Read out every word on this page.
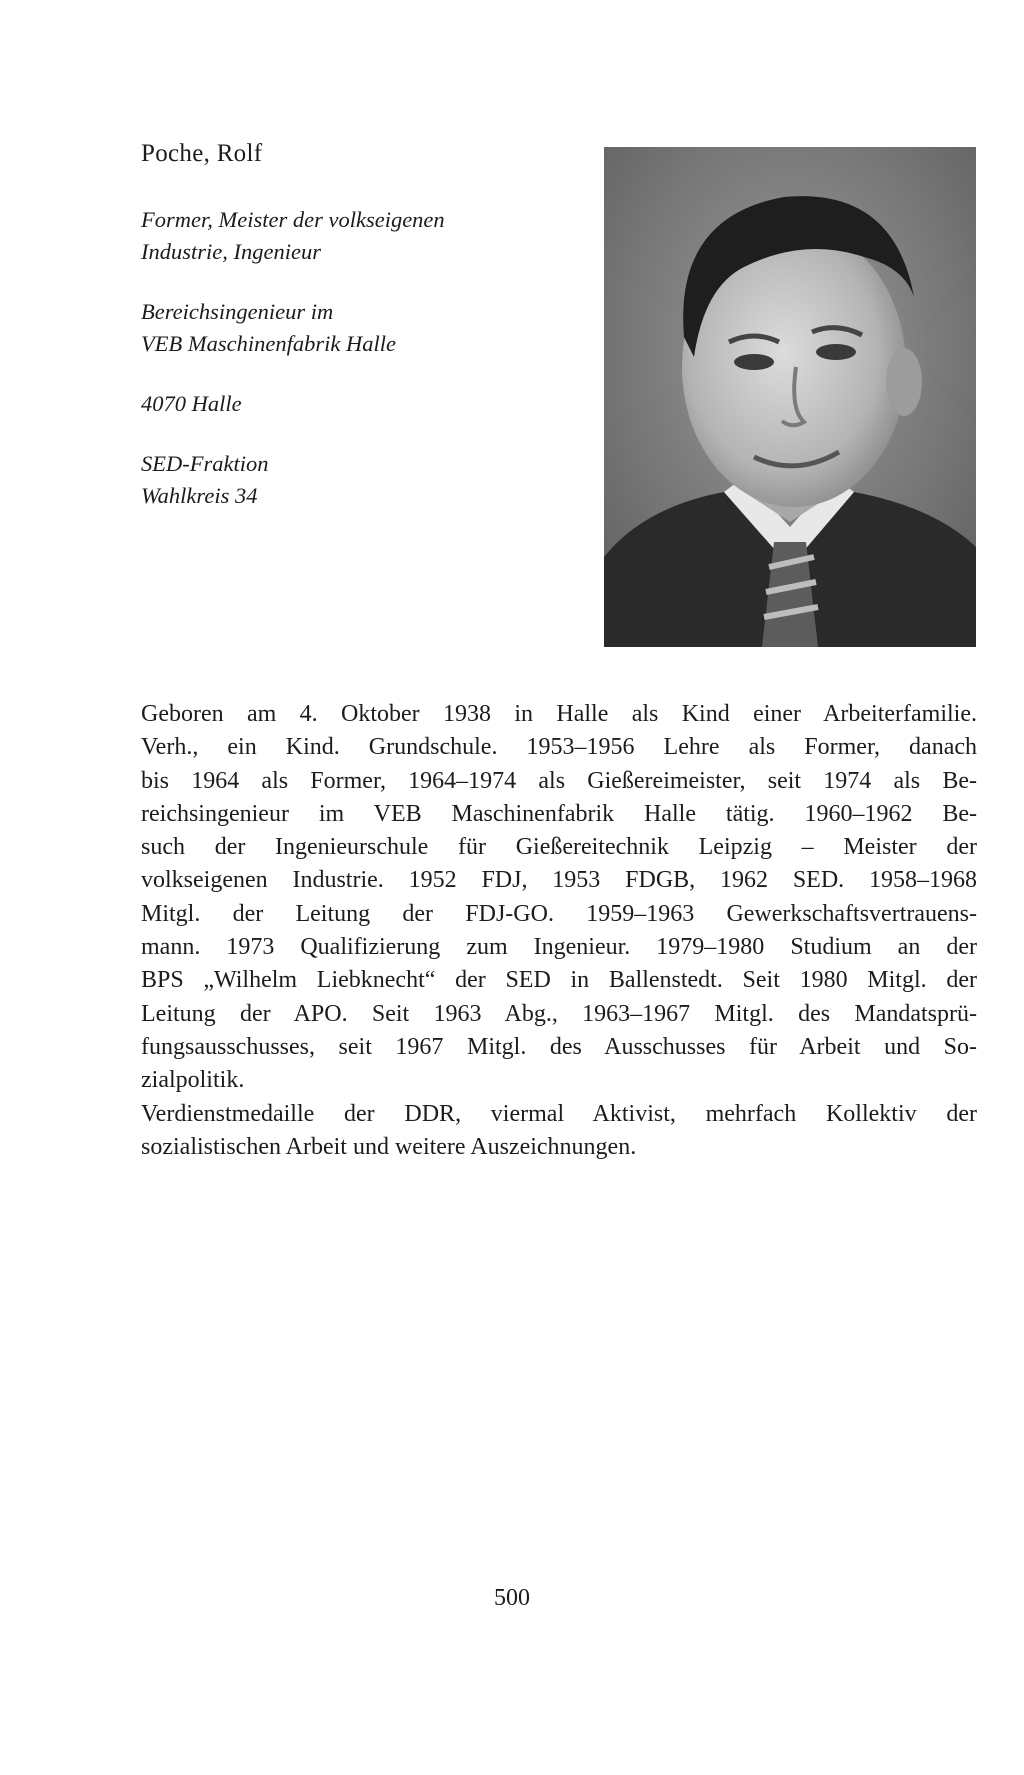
Poche, Rolf
Former, Meister der volkseigenen
Industrie, Ingenieur
Bereichsingenieur im
VEB Maschinenfabrik Halle
4070 Halle
SED-Fraktion
Wahlkreis 34
Geboren am 4. Oktober 1938 in Halle als Kind einer Arbeiterfamilie.
Verh., ein Kind. Grundschule. 1953–1956 Lehre als Former, danach
bis 1964 als Former, 1964–1974 als Gießereimeister, seit 1974 als Be-
reichsingenieur im VEB Maschinenfabrik Halle tätig. 1960–1962 Be-
such der Ingenieurschule für Gießereitechnik Leipzig – Meister der
volkseigenen Industrie. 1952 FDJ, 1953 FDGB, 1962 SED. 1958–1968
Mitgl. der Leitung der FDJ-GO. 1959–1963 Gewerkschaftsvertrauens-
mann. 1973 Qualifizierung zum Ingenieur. 1979–1980 Studium an der
BPS „Wilhelm Liebknecht“ der SED in Ballenstedt. Seit 1980 Mitgl. der
Leitung der APO. Seit 1963 Abg., 1963–1967 Mitgl. des Mandatsprü-
fungsausschusses, seit 1967 Mitgl. des Ausschusses für Arbeit und So-
zialpolitik.
Verdienstmedaille der DDR, viermal Aktivist, mehrfach Kollektiv der
sozialistischen Arbeit und weitere Auszeichnungen.
500
